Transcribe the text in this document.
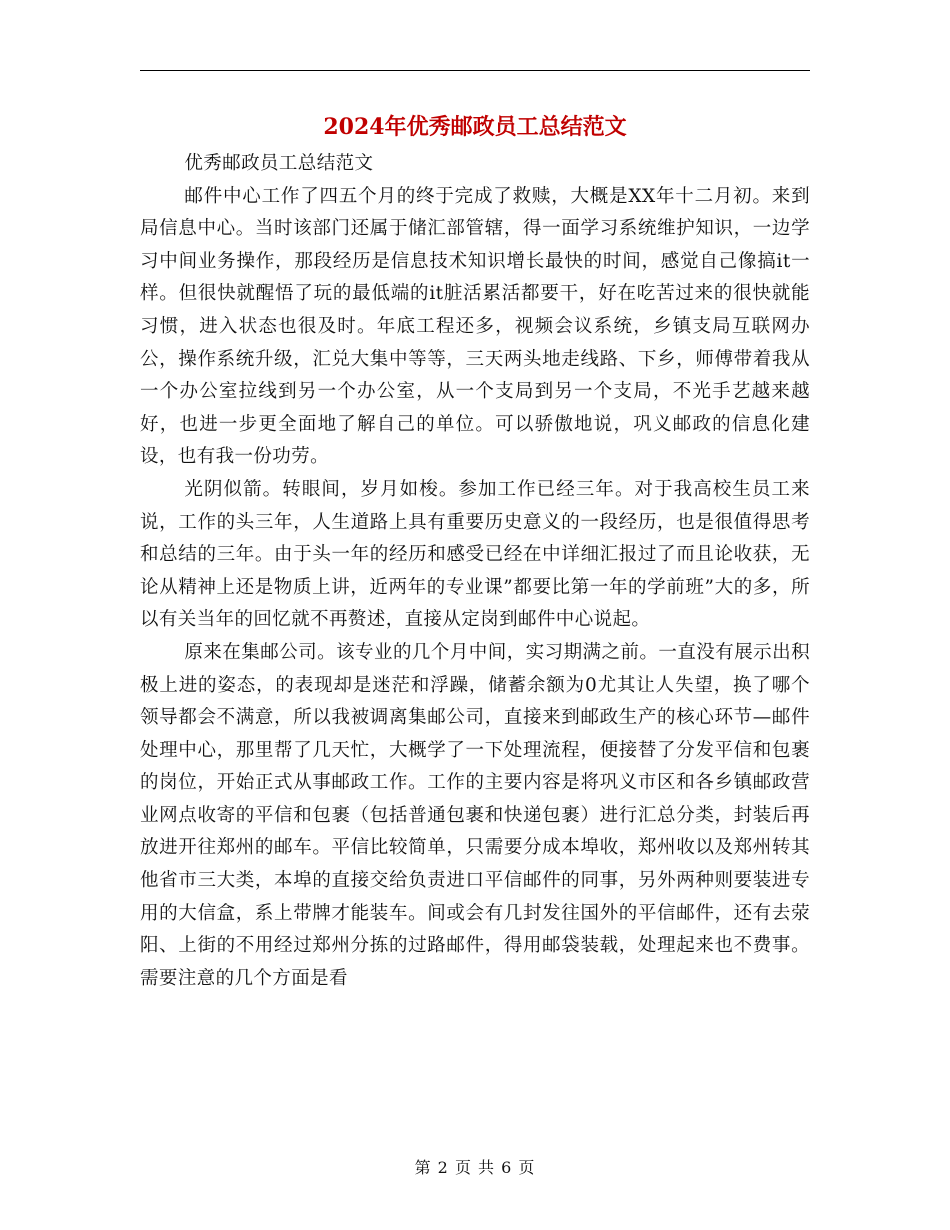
2024年优秀邮政员工总结范文

优秀邮政员工总结范文

邮件中心工作了四五个月的终于完成了救赎，大概是XX年十二月初。来到局信息中心。当时该部门还属于储汇部管辖，得一面学习系统维护知识，一边学习中间业务操作，那段经历是信息技术知识增长最快的时间，感觉自己像搞it一样。但很快就醒悟了玩的最低端的it脏活累活都要干，好在吃苦过来的很快就能习惯，进入状态也很及时。年底工程还多，视频会议系统，乡镇支局互联网办公，操作系统升级，汇兑大集中等等，三天两头地走线路、下乡，师傅带着我从一个办公室拉线到另一个办公室，从一个支局到另一个支局，不光手艺越来越好，也进一步更全面地了解自己的单位。可以骄傲地说，巩义邮政的信息化建设，也有我一份功劳。

光阴似箭。转眼间，岁月如梭。参加工作已经三年。对于我高校生员工来说，工作的头三年，人生道路上具有重要历史意义的一段经历，也是很值得思考和总结的三年。由于头一年的经历和感受已经在中详细汇报过了而且论收获，无论从精神上还是物质上讲，近两年的专业课”都要比第一年的学前班”大的多，所以有关当年的回忆就不再赘述，直接从定岗到邮件中心说起。

原来在集邮公司。该专业的几个月中间，实习期满之前。一直没有展示出积极上进的姿态，的表现却是迷茫和浮躁，储蓄余额为0尤其让人失望，换了哪个领导都会不满意，所以我被调离集邮公司，直接来到邮政生产的核心环节—邮件处理中心，那里帮了几天忙，大概学了一下处理流程，便接替了分发平信和包裹的岗位，开始正式从事邮政工作。工作的主要内容是将巩义市区和各乡镇邮政营业网点收寄的平信和包裹（包括普通包裹和快递包裹）进行汇总分类，封装后再放进开往郑州的邮车。平信比较简单，只需要分成本埠收，郑州收以及郑州转其他省市三大类，本埠的直接交给负责进口平信邮件的同事，另外两种则要装进专用的大信盒，系上带牌才能装车。间或会有几封发往国外的平信邮件，还有去荥阳、上街的不用经过郑州分拣的过路邮件，得用邮袋装载，处理起来也不费事。需要注意的几个方面是看

第 2 页 共 6 页
